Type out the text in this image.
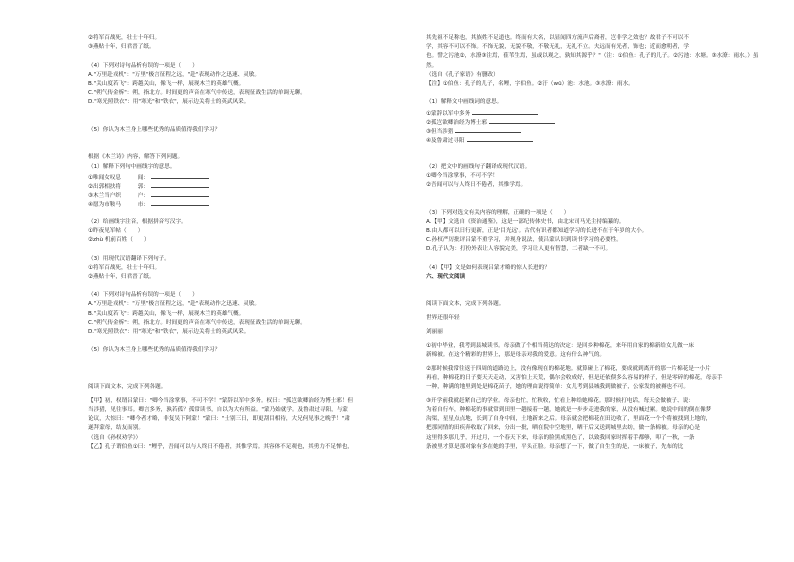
②将军百战死，壮士十年归。
③燕贴十年，归君晋了纸。
（4）下列对诗句品析有误的一项是（　　）
A."万里赴戎机"："万里"极言征程之远，"赴"表现动作之迅速、灵敏。
B."关山度若飞"：跨越关山，像飞一样，展现木兰的英雄气概。
C."朔气传金柝"：朔，指北方。时间更的声音在寒气中传送，表现征战生活的单调无聊。
D."寒光照铁衣"：用"寒光"和"铁衣"，展示边关将士的英武风采。
（5）你认为木兰身上哪些优秀的品质值得我们学习？
根据《木兰诗》内容，解答下列问题。
（1）解释下列句中画线字的意思。
①唯闻女叹息　　　闻：
②出郭相扶将　　　郭：
③木兰当户织　　　户：
④愿为市鞍马　　　市：
（2）给画线字注音，根据拼音写汉字。
①昨夜见军帖（　　）
②zhù 机前百姓（　　）
（3）用现代汉语翻译下列句子。
①将军百战死，壮士十年归。
②燕贴十年，归君晋了纸。
（4）下列对诗句品析有误的一项是（　　）
A."万里赴戎机"："万里"极言征程之远，"赴"表现动作之迅速、灵敏。
B."关山度若飞"：跨越关山，像飞一样，展现木兰的英雄气概。
C."朔气传金柝"：朔，指北方。时间更的声音在寒气中传送，表现征战生活的单调无聊。
D."寒光照铁衣"：用"寒光"和"铁衣"，展示边关将士的英武风采。
（5）你认为木兰身上哪些优秀的品质值得我们学习？
阅读下面文本，完成下列各题。
【甲】初，权谓吕蒙曰："卿今当涂掌事，不可不学！"蒙辞以军中多务。权曰："孤岂欲卿治经为博士邪！但
当涉猎，见往事耳。卿言多务，孰若孤？孤常读书，自以为大有所益。"蒙乃始就学。及鲁肃过寻阳，与蒙
论议，大惊曰："卿今者才略，非复吴下阿蒙！"蒙曰："士别三日，即更刮目相待，大兄何见事之晚乎！"肃
遂拜蒙母，结友而别。
（选自《孙权劝学》）
【乙】孔子谓伯鱼①曰："鲤乎，吾闻可以与人终日不倦者，其惟学焉。其容体不足观也，其勇力不足惮也，
其先祖不足称也，其族姓不足道也。终而有大名，以显闻四方流声后裔者，岂非学之效也？故君子不可以不
学，其容不可以不饰。不饰无貌，无貌不敬，不敬无礼，无礼不立。夫远而有光者，饰也；近而愈明者，学
也。譬之污池②，水潦③注焉，萑苇生焉，虽或以观之，孰知其源乎？"（注：①伯鱼：孔子的儿子。②污池：水塘。③水潦：雨水。）虽
然。
（选自《孔子家语》有删改）
【注】①伯鱼：孔子的儿子，名鲤，字伯鱼。②汙（wū）池：水池。③水潦：雨水。
（1）解释文中画线词的意思。
①蒙辞以军中多务
②孤岂欲卿治经为博士邪
③但当涉猎
④及鲁肃过寻阳
（2）把文中的画线句子翻译成现代汉语。
①卿今当涂掌事，不可不学！
②吾闻可以与人终日不倦者，其惟学焉。
（3）下列对选文有关内容的理解，正确的一项是（　　）
A.【甲】文选自《资治通鉴》，这是一部纪传体史书，由北宋司马光主持编纂的。
B.由人都可以日行更新，正是'目光远'。古代有识者都知道学习的长进不在于年岁的大小。
C.孙权严厉批评吕蒙不重学习，并现身说法，使吕蒙认识到读书学习的必要性。
D.孔子认为：打扮外表让人容貌完美，学习让人更有智慧，二者缺一不可。
（4）【甲】文是如何表现吕蒙才略的惊人长进的？
六、现代文阅读
阅读下面文本，完成下列各题。
世界还很年轻
刘丽丽
①初中毕业，我考到县城读书。母亲做了个相当荷达的决定：是回乡种棉花，来年用自家的棉新给女儿做一床
新棉被。在这个精彩的世界上，那是母亲对我的爱意。这有什么神气的。
②那时候我常往返于四周的道路边上，没有像现在的棉花地。就算碰上了棉花，要成就到离开的那一片棉花是一小片
再看，种棉花的日子要天天走动，又害怕上天荒，偶尔会收成好，但是还依偎多么容易的样子，但是零碎的棉花，母亲手
一种，种满的地里到处是棉花苗子，她的理由说得简单：女儿考到县城我到做被子，公家发的被褥也不可。
③开学前我就赶紧自己的学业。母亲也忙，忙秋收，忙看上种给她棉花。那时候打电话，每天会做被子、说：
为着自行车，种棉花的事就常到田里一趟接着一趟，她就是一步步走进我的家，从没有喊过累。她说中间的倒在像梦
沟渠，星星点点地，长到了自身中间，土地新来之后。母亲就会把棉花在田边收了，里面花一个个将被找到上地的，
把那同情的田疾奔收取了回来，分出一批，晒在院中空地里，晒干后又送到城里去纺，做一条棉被。母亲的心是
这里得多那几乎，开过月，一个春天下来，母亲的脸黑成黑色了，以致我回家时挥着手都够，叩了一秋，一条
条被里才算是那对象有多在她的手里，平头正脸。母亲想了一下，做了自生生的是，一床被子，先布的比
